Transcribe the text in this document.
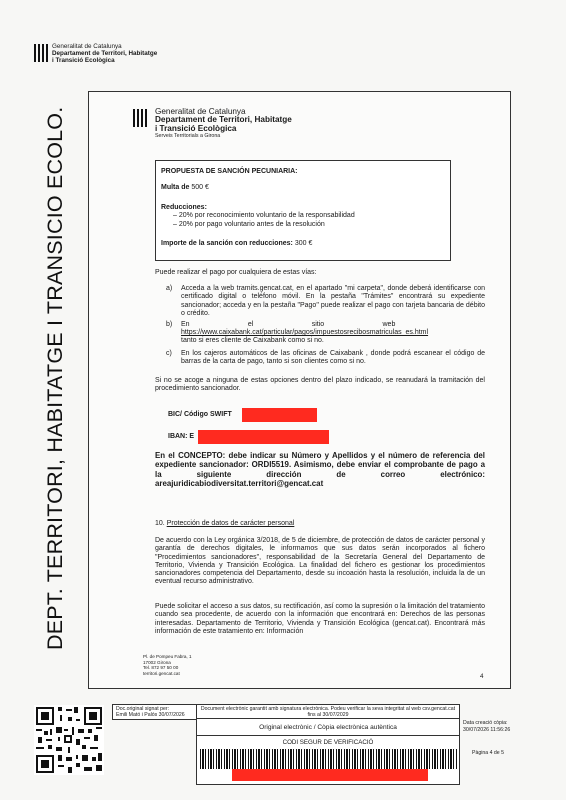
Generalitat de Catalunya
Departament de Territori, Habitatge
i Transició Ecològica
DEPT. TERRITORI, HABITATGE I TRANSICIO ECOLO.	Generalitat de Catalunya
Departament de Territori, Habitatge
i Transició Ecològica
Serveis Territorials a Girona
PROPUESTA DE SANCIÓN PECUNIARIA:
Multa de 500 €
Reducciones:
– 20% por reconocimiento voluntario de la responsabilidad
– 20% por pago voluntario antes de la resolución
Importe de la sanción con reducciones: 300 €
Puede realizar el pago por cualquiera de estas vías:
a) Acceda a la web tramits.gencat.cat, en el apartado "mi carpeta", donde deberá identificarse con certificado digital o teléfono móvil. En la pestaña "Trámites" encontrará su expediente sancionador; acceda y en la pestaña "Pago" puede realizar el pago con tarjeta bancaria de débito o crédito.
b) En                              el                              sitio                              web
https://www.caixabank.cat/particular/pagos/impuestosrecibosmatriculas_es.html
tanto si eres cliente de Caixabank como si no.
c) En los cajeros automáticos de las oficinas de Caixabank , donde podrá escanear el código de barras de la carta de pago, tanto si son clientes como si no.
Si no se acoge a ninguna de estas opciones dentro del plazo indicado, se reanudará la tramitación del procedimiento sancionador.
BIC/ Código SWIFT
IBAN: E
En el CONCEPTO: debe indicar su Número y Apellidos y el número de referencia del expediente sancionador: ORDI5519. Asimismo, debe enviar el comprobante de pago a la siguiente dirección de correo electrónico: areajuridicabiodiversitat.territori@gencat.cat
10. Protección de datos de carácter personal
De acuerdo con la Ley orgánica 3/2018, de 5 de diciembre, de protección de datos de carácter personal y garantía de derechos digitales, le informamos que sus datos serán incorporados al fichero "Procedimientos sancionadores", responsabilidad de la Secretaría General del Departamento de Territorio, Vivienda y Transición Ecológica. La finalidad del fichero es gestionar los procedimientos sancionadores competencia del Departamento, desde su incoación hasta la resolución, incluida la de un eventual recurso administrativo.
Puede solicitar el acceso a sus datos, su rectificación, así como la supresión o la limitación del tratamiento cuando sea procedente, de acuerdo con la información que encontrará en: Derechos de las personas interesadas. Departamento de Territorio, Vivienda y Transición Ecológica (gencat.cat). Encontrará más información de este tratamiento en: Información
Pl. de Pompeu Fabra, 1
17002 Girona
Tel. 872 97 50 00
territori.gencat.cat	4
Doc.original signat per:
Emili Mató i Palós 30/07/2026
Document electrònic garantit amb signatura electrònica. Podeu verificar la seva integritat al web csv.gencat.cat fins al 30/07/2029
Original electrònic / Còpia electrònica autèntica
CODI SEGUR DE VERIFICACIÓ
Data creació còpia:
30/07/2026 11:56:26
Pàgina 4 de 5
